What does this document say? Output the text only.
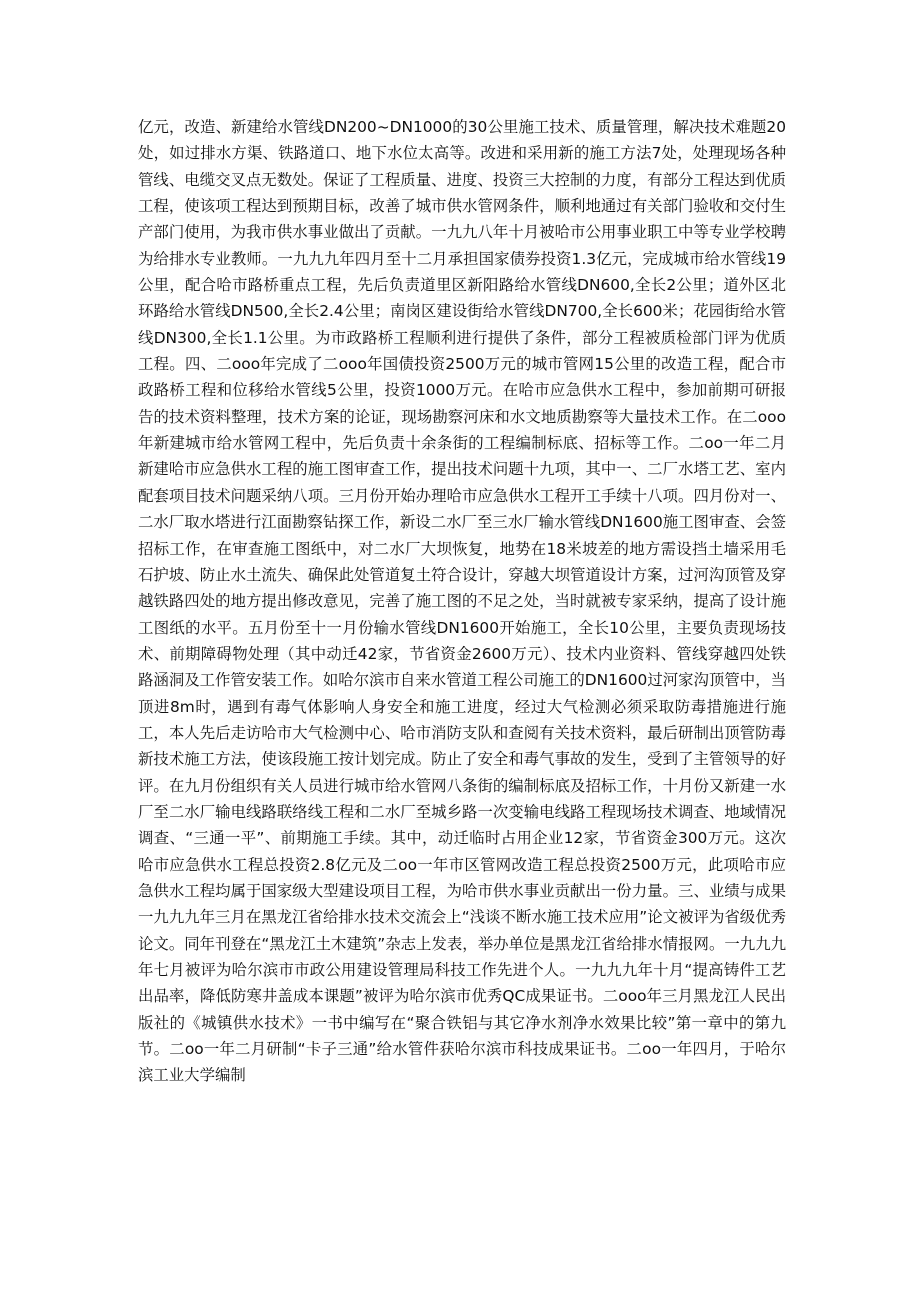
亿元，改造、新建给水管线DN200~DN1000的30公里施工技术、质量管理，解决技术难题20处，如过排水方渠、铁路道口、地下水位太高等。改进和采用新的施工方法7处，处理现场各种管线、电缆交叉点无数处。保证了工程质量、进度、投资三大控制的力度，有部分工程达到优质工程，使该项工程达到预期目标，改善了城市供水管网条件，顺利地通过有关部门验收和交付生产部门使用，为我市供水事业做出了贡献。一九九八年十月被哈市公用事业职工中等专业学校聘为给排水专业教师。一九九九年四月至十二月承担国家债券投资1.3亿元，完成城市给水管线19公里，配合哈市路桥重点工程，先后负责道里区新阳路给水管线DN600,全长2公里；道外区北环路给水管线DN500,全长2.4公里；南岗区建设街给水管线DN700,全长600米；花园街给水管线DN300,全长1.1公里。为市政路桥工程顺利进行提供了条件，部分工程被质检部门评为优质工程。四、二ooo年完成了二ooo年国债投资2500万元的城市管网15公里的改造工程，配合市政路桥工程和位移给水管线5公里，投资1000万元。在哈市应急供水工程中，参加前期可研报告的技术资料整理，技术方案的论证，现场勘察河床和水文地质勘察等大量技术工作。在二ooo年新建城市给水管网工程中，先后负责十余条街的工程编制标底、招标等工作。二oo一年二月新建哈市应急供水工程的施工图审查工作，提出技术问题十九项，其中一、二厂水塔工艺、室内配套项目技术问题采纳八项。三月份开始办理哈市应急供水工程开工手续十八项。四月份对一、二水厂取水塔进行江面勘察钻探工作，新设二水厂至三水厂输水管线DN1600施工图审查、会签招标工作，在审查施工图纸中，对二水厂大坝恢复，地势在18米坡差的地方需设挡土墙采用毛石护坡、防止水土流失、确保此处管道复土符合设计，穿越大坝管道设计方案，过河沟顶管及穿越铁路四处的地方提出修改意见，完善了施工图的不足之处，当时就被专家采纳，提高了设计施工图纸的水平。五月份至十一月份输水管线DN1600开始施工，全长10公里，主要负责现场技术、前期障碍物处理（其中动迁42家，节省资金2600万元）、技术内业资料、管线穿越四处铁路涵洞及工作管安装工作。如哈尔滨市自来水管道工程公司施工的DN1600过河家沟顶管中，当顶进8m时，遇到有毒气体影响人身安全和施工进度，经过大气检测必须采取防毒措施进行施工，本人先后走访哈市大气检测中心、哈市消防支队和查阅有关技术资料，最后研制出顶管防毒新技术施工方法，使该段施工按计划完成。防止了安全和毒气事故的发生，受到了主管领导的好评。在九月份组织有关人员进行城市给水管网八条街的编制标底及招标工作，十月份又新建一水厂至二水厂输电线路联络线工程和二水厂至城乡路一次变输电线路工程现场技术调查、地域情况调查、“三通一平”、前期施工手续。其中，动迁临时占用企业12家，节省资金300万元。这次哈市应急供水工程总投资2.8亿元及二oo一年市区管网改造工程总投资2500万元，此项哈市应急供水工程均属于国家级大型建设项目工程，为哈市供水事业贡献出一份力量。三、业绩与成果一九九九年三月在黑龙江省给排水技术交流会上“浅谈不断水施工技术应用”论文被评为省级优秀论文。同年刊登在“黑龙江土木建筑”杂志上发表，举办单位是黑龙江省给排水情报网。一九九九年七月被评为哈尔滨市市政公用建设管理局科技工作先进个人。一九九九年十月“提高铸件工艺出品率，降低防寒井盖成本课题”被评为哈尔滨市优秀QC成果证书。二ooo年三月黑龙江人民出版社的《城镇供水技术》一书中编写在“聚合铁铝与其它净水剂净水效果比较”第一章中的第九节。二oo一年二月研制“卡子三通”给水管件获哈尔滨市科技成果证书。二oo一年四月，于哈尔滨工业大学编制
